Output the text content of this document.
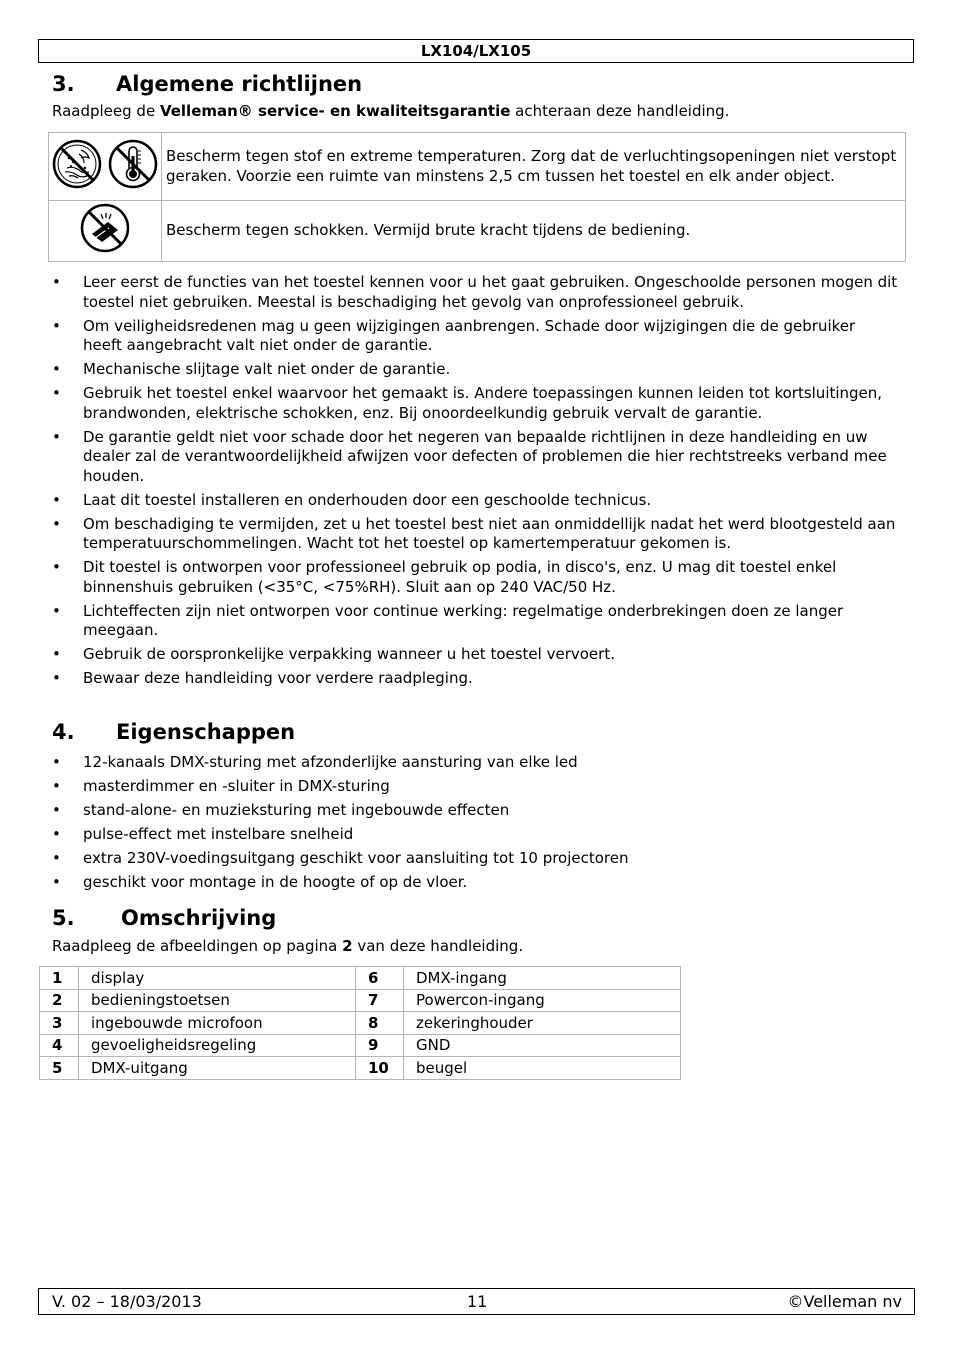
LX104/LX105
3. Algemene richtlijnen

Raadpleeg de Velleman® service- en kwaliteitsgarantie achteraan deze handleiding.

	Bescherm tegen stof en extreme temperaturen. Zorg dat de verluchtingsopeningen niet verstopt geraken. Voorzie een ruimte van minstens 2,5 cm tussen het toestel en elk ander object.
	Bescherm tegen schokken. Vermijd brute kracht tijdens de bediening.
• Leer eerst de functies van het toestel kennen voor u het gaat gebruiken. Ongeschoolde personen mogen dit toestel niet gebruiken. Meestal is beschadiging het gevolg van onprofessioneel gebruik.
• Om veiligheidsredenen mag u geen wijzigingen aanbrengen. Schade door wijzigingen die de gebruiker heeft aangebracht valt niet onder de garantie.
• Mechanische slijtage valt niet onder de garantie.
• Gebruik het toestel enkel waarvoor het gemaakt is. Andere toepassingen kunnen leiden tot kortsluitingen, brandwonden, elektrische schokken, enz. Bij onoordeelkundig gebruik vervalt de garantie.
• De garantie geldt niet voor schade door het negeren van bepaalde richtlijnen in deze handleiding en uw dealer zal de verantwoordelijkheid afwijzen voor defecten of problemen die hier rechtstreeks verband mee houden.
• Laat dit toestel installeren en onderhouden door een geschoolde technicus.
• Om beschadiging te vermijden, zet u het toestel best niet aan onmiddellijk nadat het werd blootgesteld aan temperatuurschommelingen. Wacht tot het toestel op kamertemperatuur gekomen is.
• Dit toestel is ontworpen voor professioneel gebruik op podia, in disco's, enz. U mag dit toestel enkel binnenshuis gebruiken (<35°C, <75%RH). Sluit aan op 240 VAC/50 Hz.
• Lichteffecten zijn niet ontworpen voor continue werking: regelmatige onderbrekingen doen ze langer meegaan.
• Gebruik de oorspronkelijke verpakking wanneer u het toestel vervoert.
• Bewaar deze handleiding voor verdere raadpleging.
4. Eigenschappen
• 12-kanaals DMX-sturing met afzonderlijke aansturing van elke led
• masterdimmer en -sluiter in DMX-sturing
• stand-alone- en muzieksturing met ingebouwde effecten
• pulse-effect met instelbare snelheid
• extra 230V-voedingsuitgang geschikt voor aansluiting tot 10 projectoren
• geschikt voor montage in de hoogte of op de vloer.
5. Omschrijving

Raadpleeg de afbeeldingen op pagina 2 van deze handleiding.

1	display	6	DMX-ingang
2	bedieningstoetsen	7	Powercon-ingang
3	ingebouwde microfoon	8	zekeringhouder
4	gevoeligheidsregeling	9	GND
5	DMX-uitgang	10	beugel
V. 02 – 18/03/2013	11	©Velleman nv
